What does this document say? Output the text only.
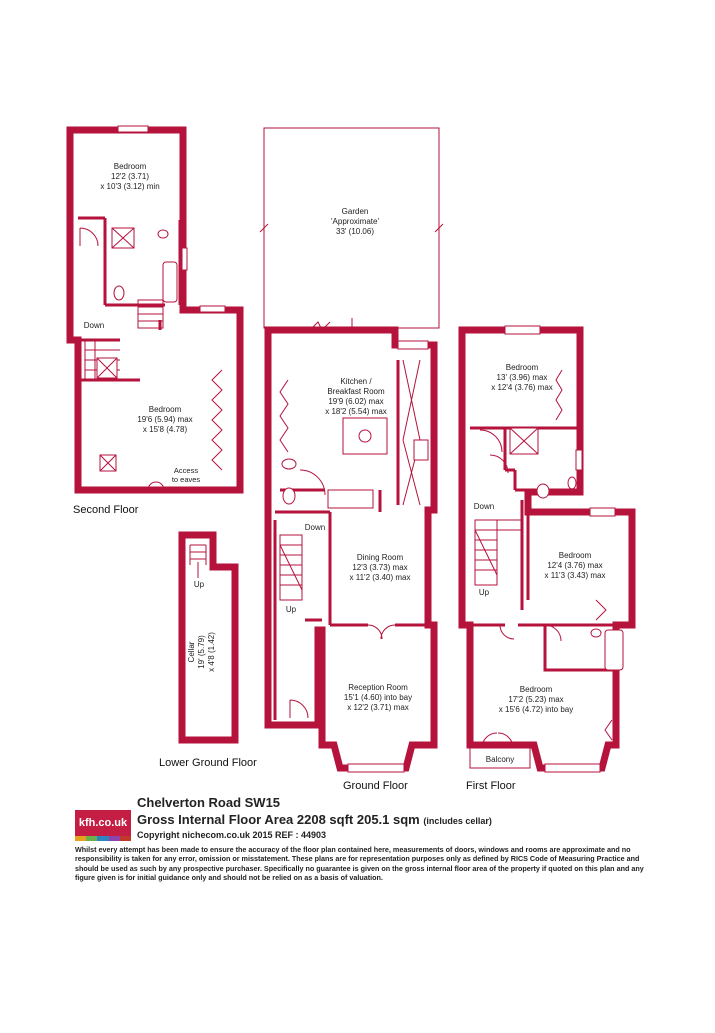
Bedroom
12'2 (3.71)
x 10'3 (3.12) min
Down
Bedroom
19'6 (5.94) max
x 15'8 (4.78)
Access
to eaves
Second Floor
Garden
'Approximate'
33' (10.06)
Down
Up
Kitchen /
Breakfast Room
19'9 (6.02) max
x 18'2 (5.54) max
Dining Room
12'3 (3.73) max
x 11'2 (3.40) max
Reception Room
15'1 (4.60) into bay
x 12'2 (3.71) max
Ground Floor
Up
Cellar 19' (5.79) x 4'8 (1.42)
Lower Ground Floor
Bedroom
13' (3.96) max
x 12'4 (3.76) max
Down
Up
Bedroom
12'4 (3.76) max
x 11'3 (3.43) max
Bedroom
17'2 (5.23) max
x 15'6 (4.72) into bay
Balcony
First Floor
kfh.co.uk
Chelverton Road SW15
Gross Internal Floor Area 2208 sqft 205.1 sqm (includes cellar)
Copyright nichecom.co.uk 2015 REF : 44903
Whilst every attempt has been made to ensure the accuracy of the floor plan contained here, measurements of doors, windows and rooms are approximate and no responsibility is taken for any error, omission or misstatement. These plans are for representation purposes only as defined by RICS Code of Measuring Practice and should be used as such by any prospective purchaser. Specifically no guarantee is given on the gross internal floor area of the property if quoted on this plan and any figure given is for initial guidance only and should not be relied on as a basis of valuation.
